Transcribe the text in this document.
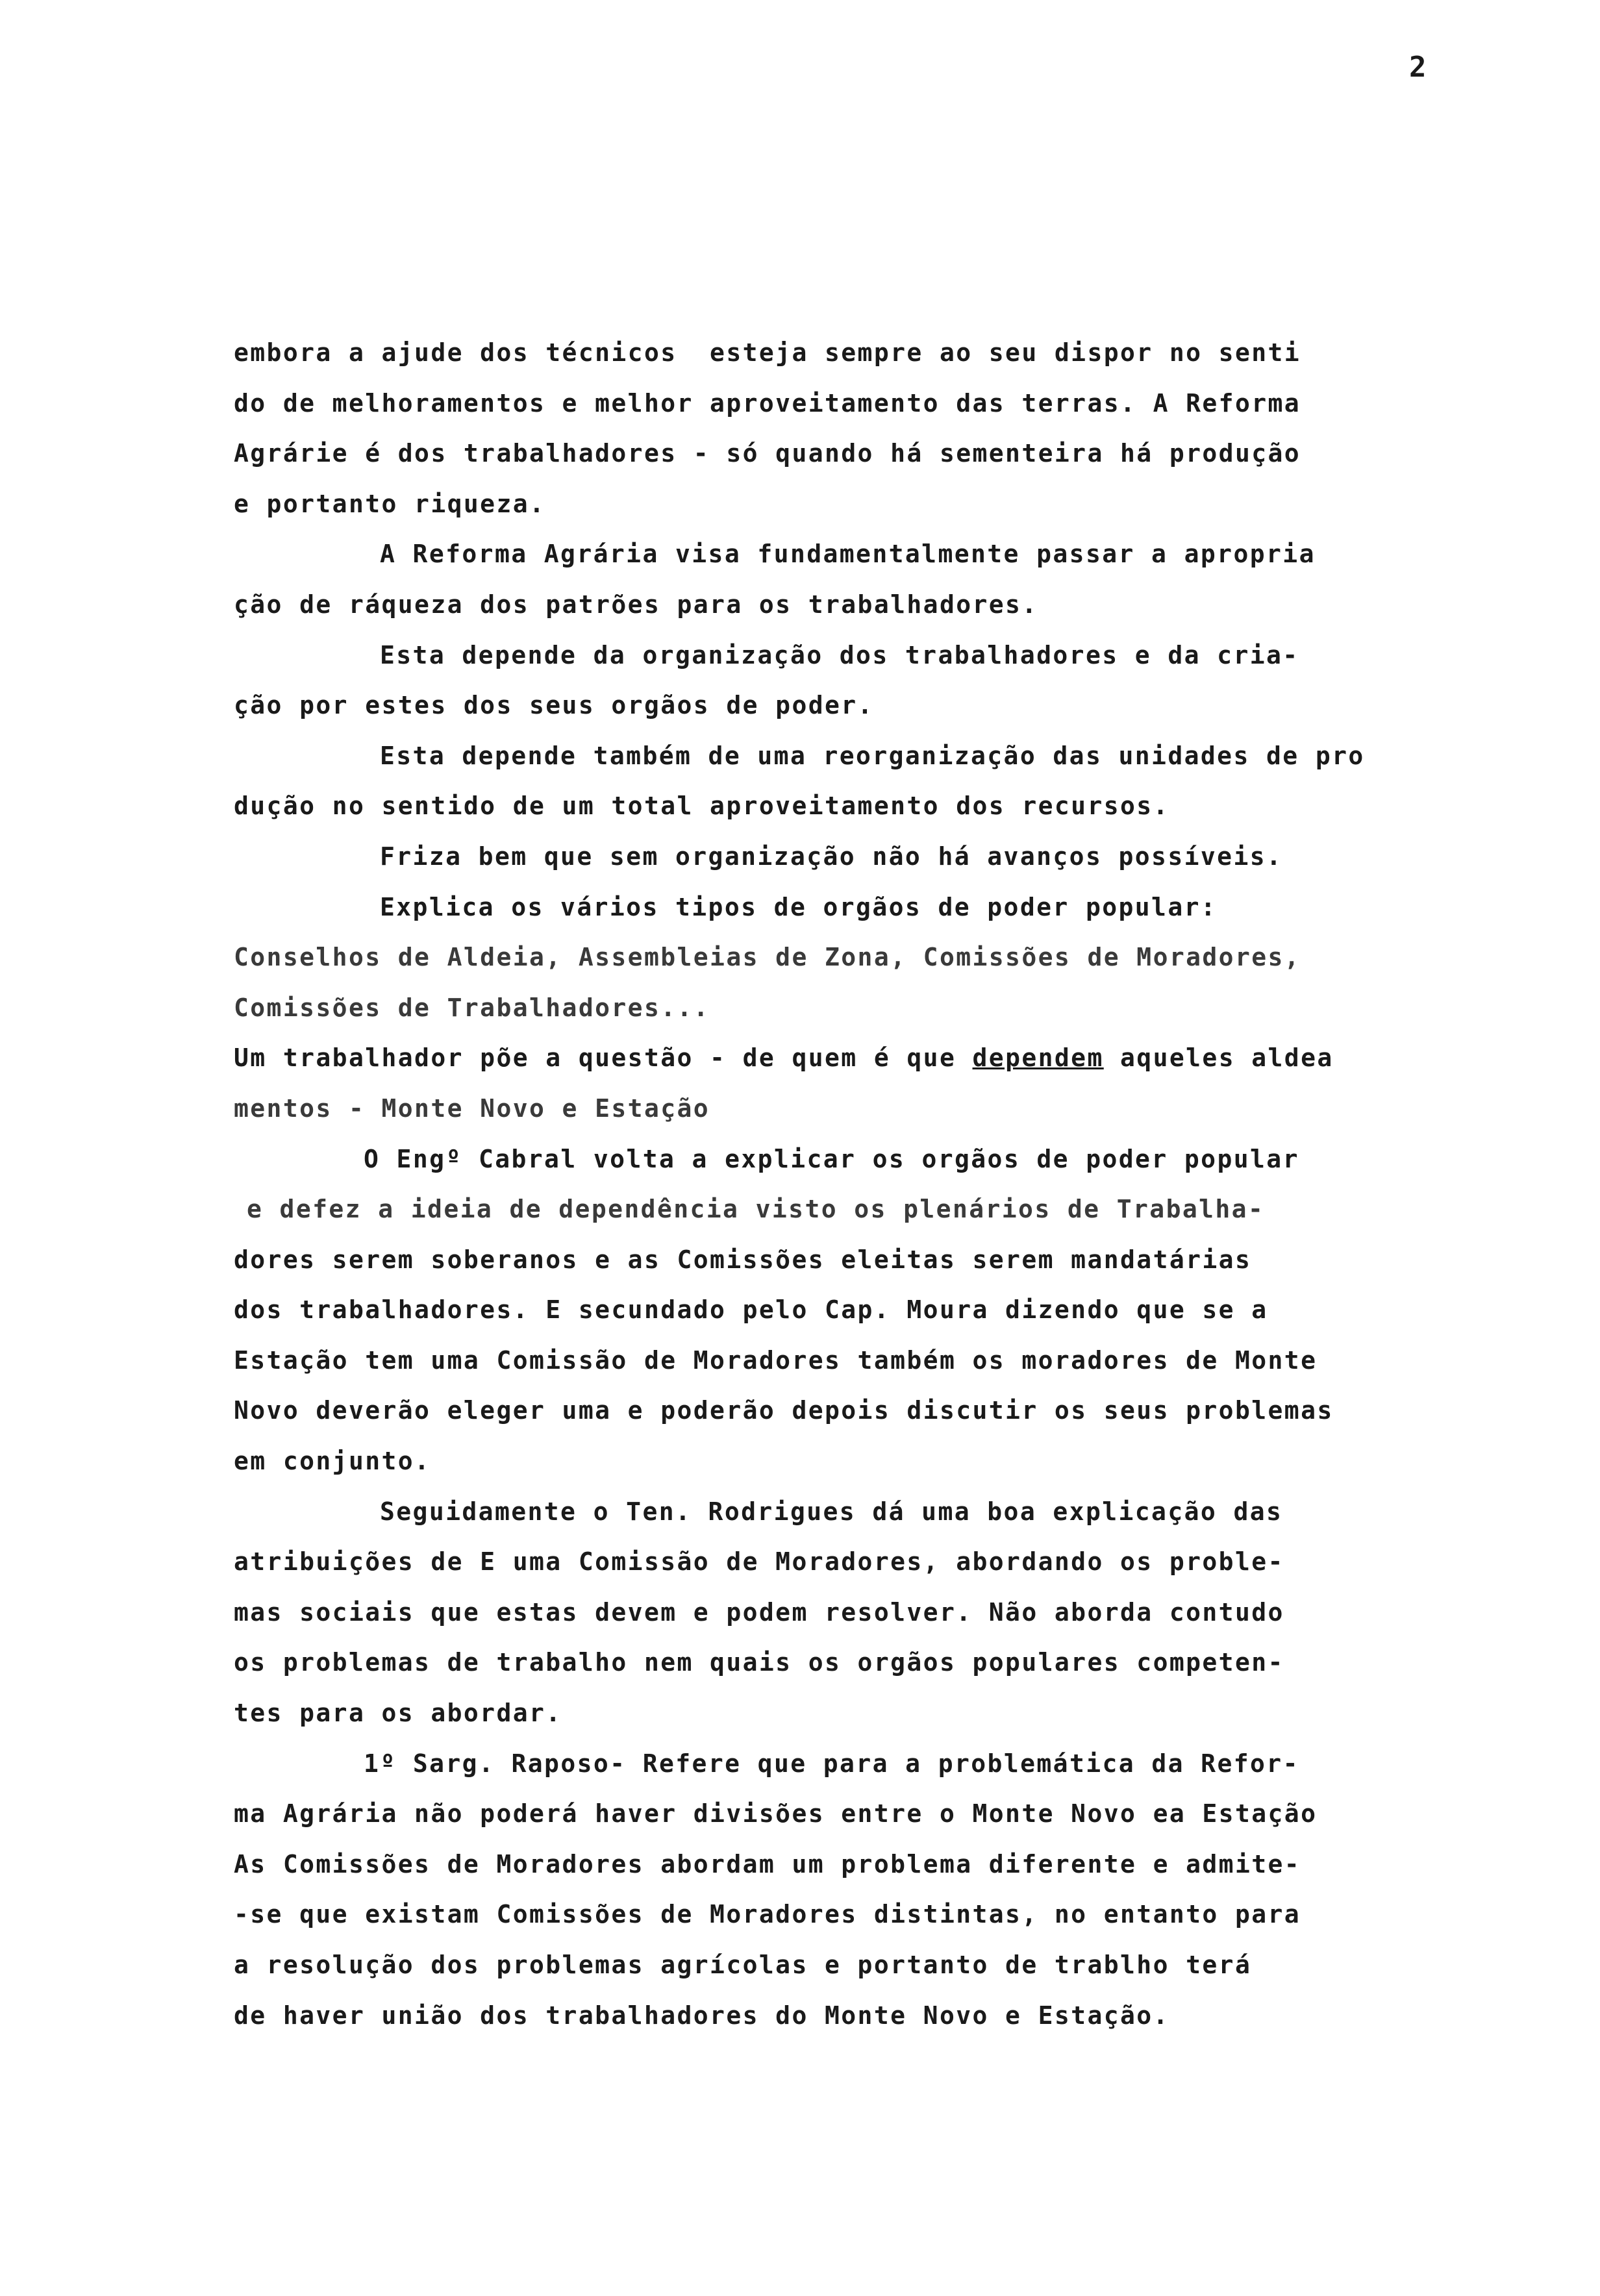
2
embora a ajude dos técnicos  esteja sempre ao seu dispor no senti
do de melhoramentos e melhor aproveitamento das terras. A Reforma
Agrárie é dos trabalhadores - só quando há sementeira há produção
e portanto riqueza.
A Reforma Agrária visa fundamentalmente passar a apropria
ção de ráqueza dos patrões para os trabalhadores.
Esta depende da organização dos trabalhadores e da cria-
ção por estes dos seus orgãos de poder.
Esta depende também de uma reorganização das unidades de pro
dução no sentido de um total aproveitamento dos recursos.
Friza bem que sem organização não há avanços possíveis.
Explica os vários tipos de orgãos de poder popular:
Conselhos de Aldeia, Assembleias de Zona, Comissões de Moradores,
Comissões de Trabalhadores...
Um trabalhador põe a questão - de quem é que dependem aqueles aldea
mentos - Monte Novo e Estação
O Engº Cabral volta a explicar os orgãos de poder popular
e defez a ideia de dependência visto os plenários de Trabalha-
dores serem soberanos e as Comissões eleitas serem mandatárias
dos trabalhadores. E secundado pelo Cap. Moura dizendo que se a
Estação tem uma Comissão de Moradores também os moradores de Monte
Novo deverão eleger uma e poderão depois discutir os seus problemas
em conjunto.
Seguidamente o Ten. Rodrigues dá uma boa explicação das
atribuições de E uma Comissão de Moradores, abordando os proble-
mas sociais que estas devem e podem resolver. Não aborda contudo
os problemas de trabalho nem quais os orgãos populares competen-
tes para os abordar.
1º Sarg. Raposo- Refere que para a problemática da Refor-
ma Agrária não poderá haver divisões entre o Monte Novo ea Estação
As Comissões de Moradores abordam um problema diferente e admite-
-se que existam Comissões de Moradores distintas, no entanto para
a resolução dos problemas agrícolas e portanto de trablho terá
de haver união dos trabalhadores do Monte Novo e Estação.
